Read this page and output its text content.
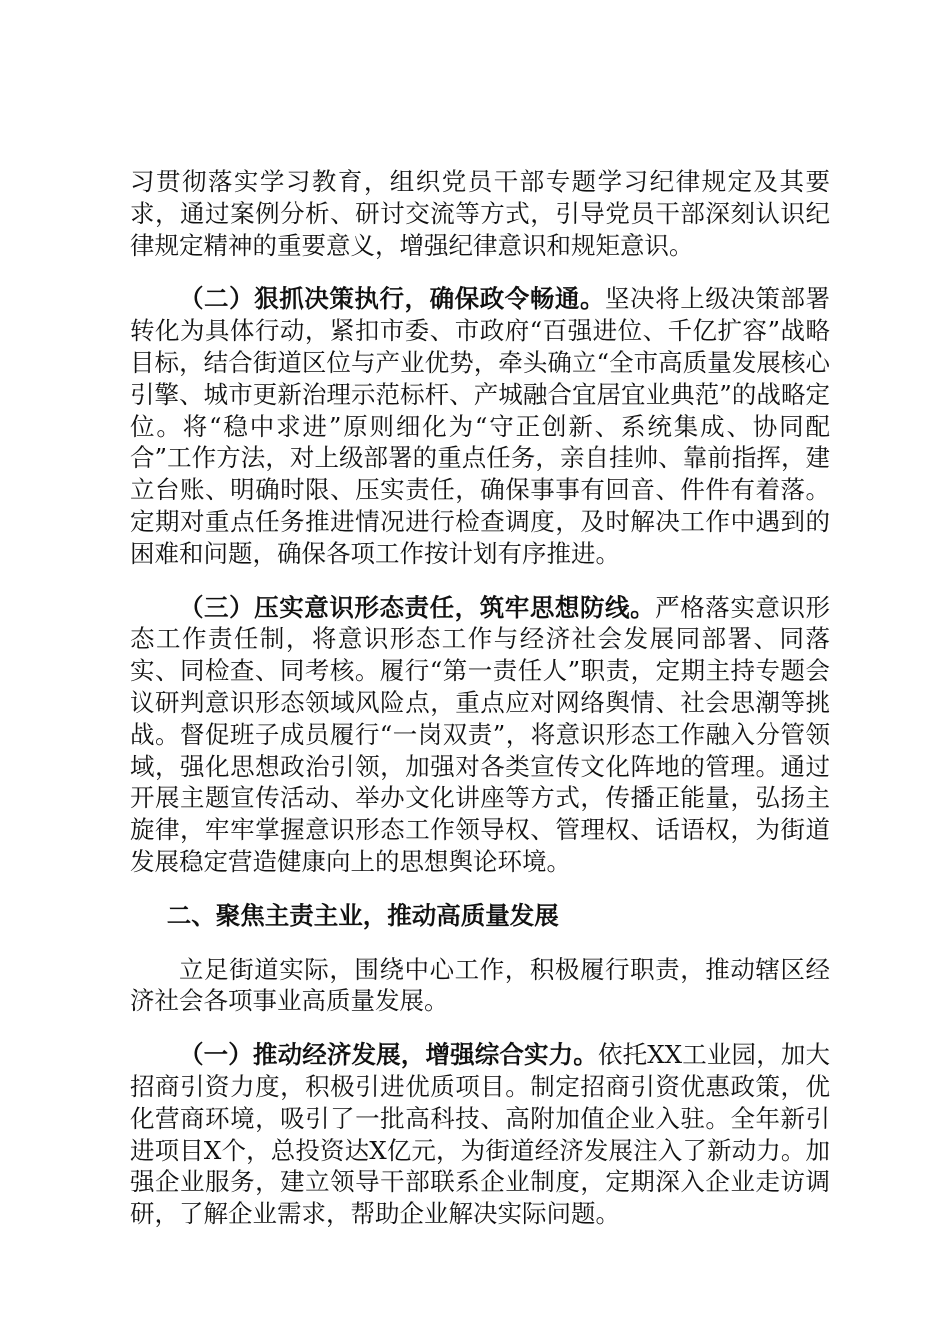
习贯彻落实学习教育，组织党员干部专题学习纪律规定及其要求，通过案例分析、研讨交流等方式，引导党员干部深刻认识纪律规定精神的重要意义，增强纪律意识和规矩意识。

（二）狠抓决策执行，确保政令畅通。坚决将上级决策部署转化为具体行动，紧扣市委、市政府“百强进位、千亿扩容”战略目标，结合街道区位与产业优势，牵头确立“全市高质量发展核心引擎、城市更新治理示范标杆、产城融合宜居宜业典范”的战略定位。将“稳中求进”原则细化为“守正创新、系统集成、协同配合”工作方法，对上级部署的重点任务，亲自挂帅、靠前指挥，建立台账、明确时限、压实责任，确保事事有回音、件件有着落。定期对重点任务推进情况进行检查调度，及时解决工作中遇到的困难和问题，确保各项工作按计划有序推进。

（三）压实意识形态责任，筑牢思想防线。严格落实意识形态工作责任制，将意识形态工作与经济社会发展同部署、同落实、同检查、同考核。履行“第一责任人”职责，定期主持专题会议研判意识形态领域风险点，重点应对网络舆情、社会思潮等挑战。督促班子成员履行“一岗双责”，将意识形态工作融入分管领域，强化思想政治引领，加强对各类宣传文化阵地的管理。通过开展主题宣传活动、举办文化讲座等方式，传播正能量，弘扬主旋律，牢牢掌握意识形态工作领导权、管理权、话语权，为街道发展稳定营造健康向上的思想舆论环境。

二、聚焦主责主业，推动高质量发展

立足街道实际，围绕中心工作，积极履行职责，推动辖区经济社会各项事业高质量发展。

（一）推动经济发展，增强综合实力。依托XX工业园，加大招商引资力度，积极引进优质项目。制定招商引资优惠政策，优化营商环境，吸引了一批高科技、高附加值企业入驻。全年新引进项目X个，总投资达X亿元，为街道经济发展注入了新动力。加强企业服务，建立领导干部联系企业制度，定期深入企业走访调研，了解企业需求，帮助企业解决实际问题。
